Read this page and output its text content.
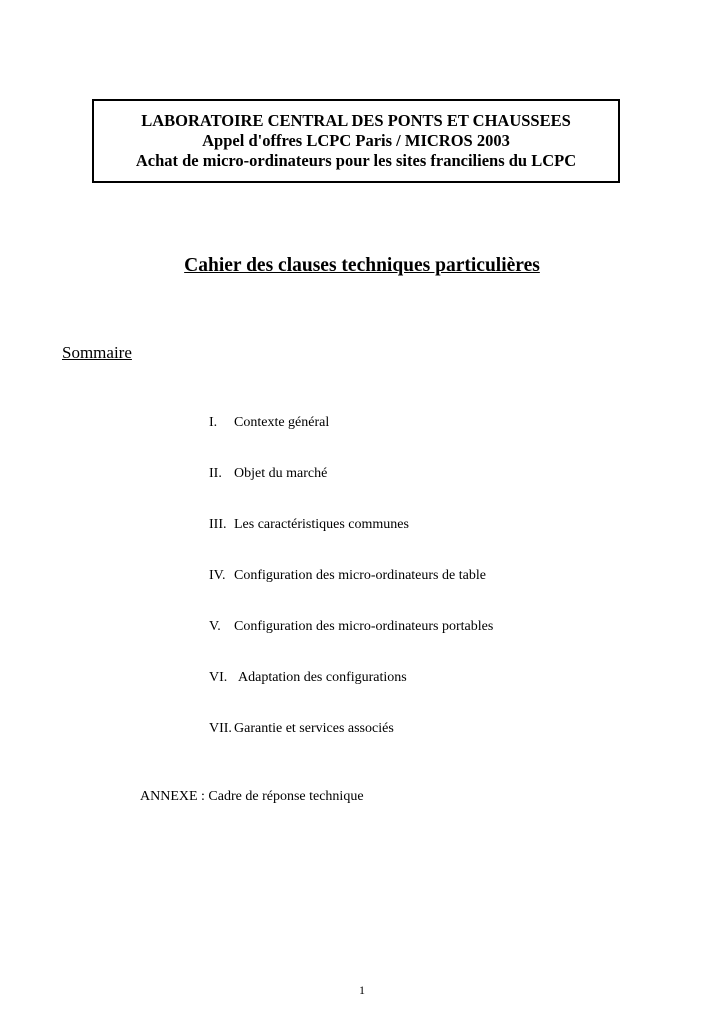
LABORATOIRE CENTRAL DES PONTS ET CHAUSSEES
Appel d'offres LCPC Paris / MICROS 2003
Achat de micro-ordinateurs pour les sites franciliens du LCPC
Cahier des clauses techniques particulières
Sommaire
I. Contexte général
II. Objet du marché
III. Les caractéristiques communes
IV. Configuration des micro-ordinateurs de table
V. Configuration des micro-ordinateurs portables
VI. Adaptation des configurations
VII. Garantie et services associés
ANNEXE : Cadre de réponse technique
1
